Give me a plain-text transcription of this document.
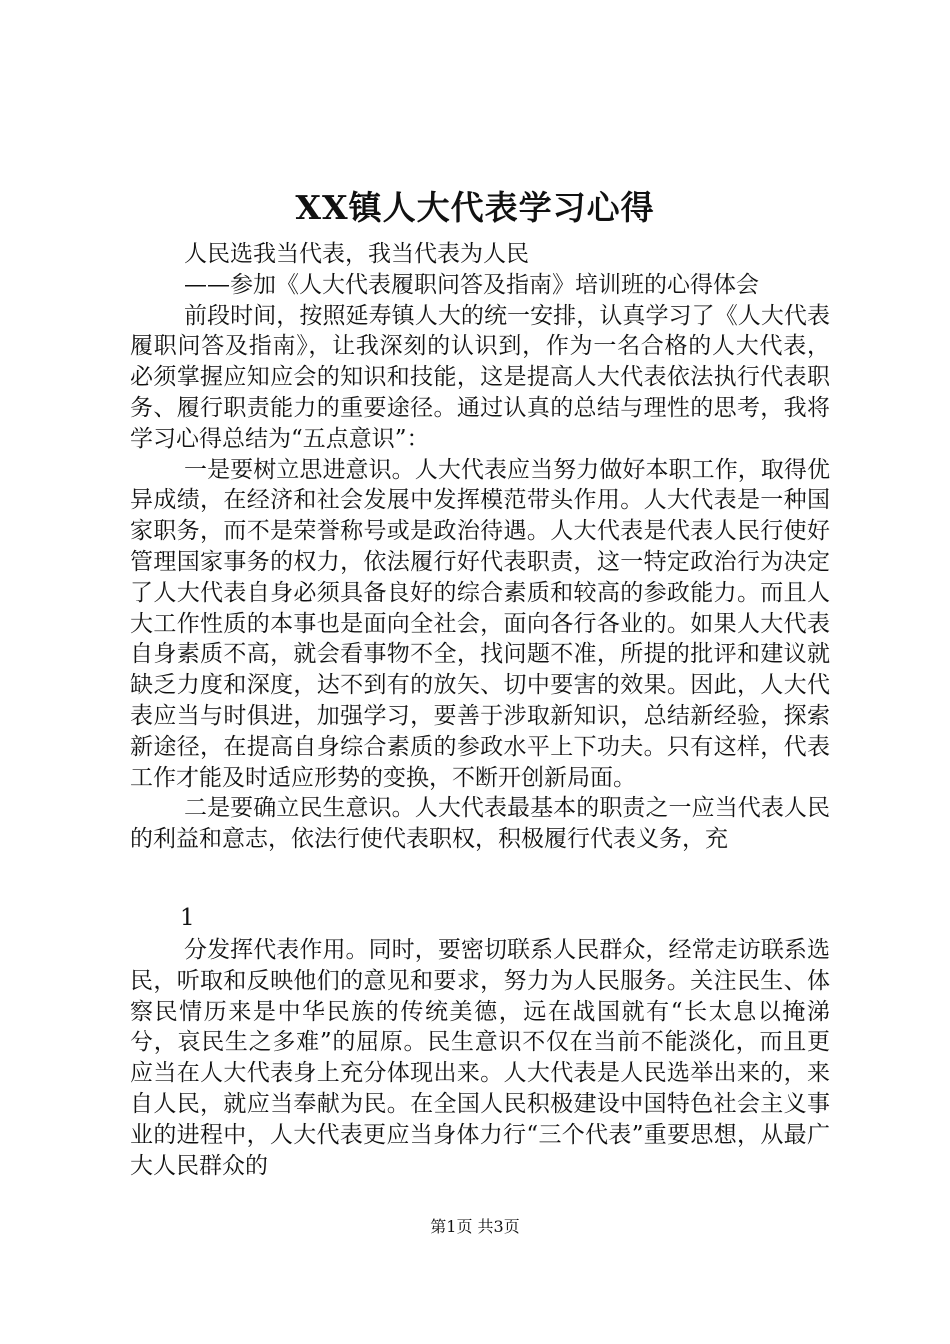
XX镇人大代表学习心得

人民选我当代表，我当代表为人民

——参加《人大代表履职问答及指南》培训班的心得体会

前段时间，按照延寿镇人大的统一安排，认真学习了《人大代表履职问答及指南》，让我深刻的认识到，作为一名合格的人大代表，必须掌握应知应会的知识和技能，这是提高人大代表依法执行代表职务、履行职责能力的重要途径。通过认真的总结与理性的思考，我将学习心得总结为“五点意识”：

一是要树立思进意识。人大代表应当努力做好本职工作，取得优异成绩，在经济和社会发展中发挥模范带头作用。人大代表是一种国家职务，而不是荣誉称号或是政治待遇。人大代表是代表人民行使好管理国家事务的权力，依法履行好代表职责，这一特定政治行为决定了人大代表自身必须具备良好的综合素质和较高的参政能力。而且人大工作性质的本事也是面向全社会，面向各行各业的。如果人大代表自身素质不高，就会看事物不全，找问题不准，所提的批评和建议就缺乏力度和深度，达不到有的放矢、切中要害的效果。因此，人大代表应当与时俱进，加强学习，要善于涉取新知识，总结新经验，探索新途径，在提高自身综合素质的参政水平上下功夫。只有这样，代表工作才能及时适应形势的变换，不断开创新局面。

二是要确立民生意识。人大代表最基本的职责之一应当代表人民的利益和意志，依法行使代表职权，积极履行代表义务，充

1

分发挥代表作用。同时，要密切联系人民群众，经常走访联系选民，听取和反映他们的意见和要求，努力为人民服务。关注民生、体察民情历来是中华民族的传统美德，远在战国就有“长太息以掩涕兮，哀民生之多难”的屈原。民生意识不仅在当前不能淡化，而且更应当在人大代表身上充分体现出来。人大代表是人民选举出来的，来自人民，就应当奉献为民。在全国人民积极建设中国特色社会主义事业的进程中，人大代表更应当身体力行“三个代表”重要思想，从最广大人民群众的

第1页 共3页
